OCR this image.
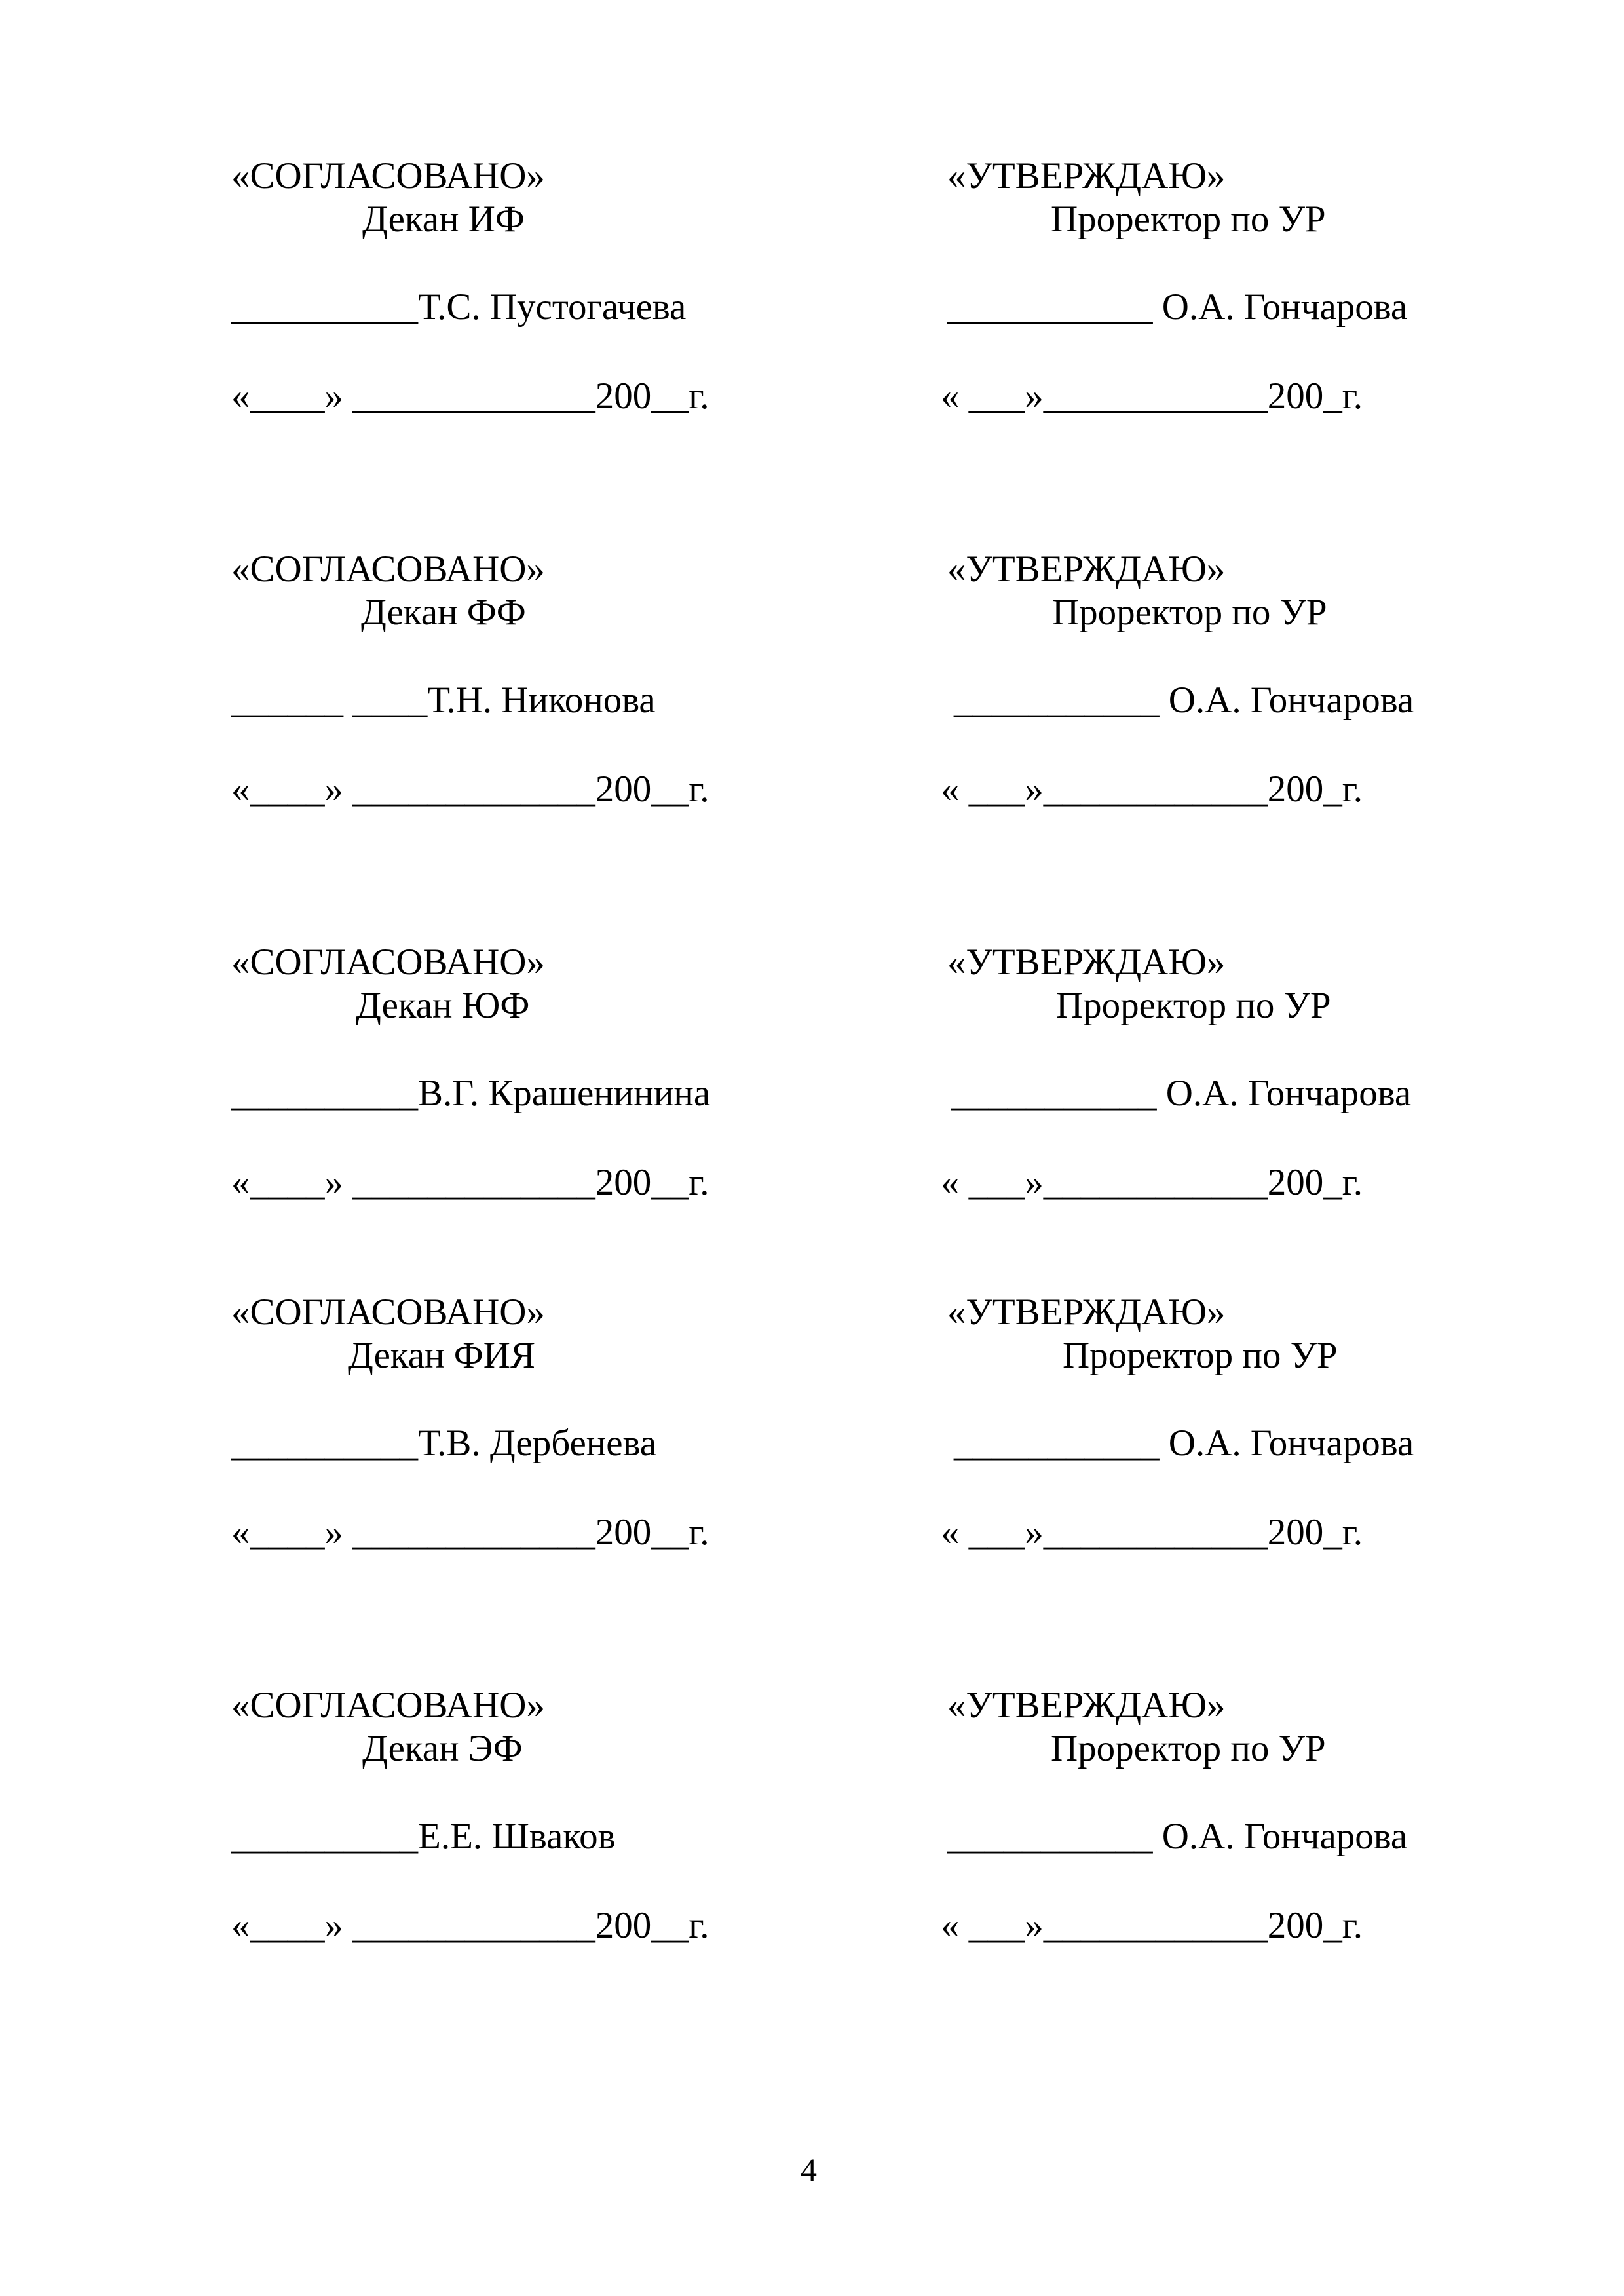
«СОГЛАСОВАНО»
Декан ИФ
__________Т.С. Пустогачева
«____» _____________200__г.
«УТВЕРЖДАЮ»
Проректор по УР
___________ О.А. Гончарова
« ___»____________200_г.
«СОГЛАСОВАНО»
Декан ФФ
______ ____Т.Н. Никонова
«____» _____________200__г.
«УТВЕРЖДАЮ»
Проректор по УР
___________ О.А. Гончарова
« ___»____________200_г.
«СОГЛАСОВАНО»
Декан ЮФ
__________В.Г. Крашенинина
«____» _____________200__г.
«УТВЕРЖДАЮ»
Проректор по УР
___________ О.А. Гончарова
« ___»____________200_г.
«СОГЛАСОВАНО»
Декан ФИЯ
__________Т.В. Дербенева
«____» _____________200__г.
«УТВЕРЖДАЮ»
Проректор по УР
___________ О.А. Гончарова
« ___»____________200_г.
«СОГЛАСОВАНО»
Декан ЭФ
__________Е.Е. Шваков
«____» _____________200__г.
«УТВЕРЖДАЮ»
Проректор по УР
___________ О.А. Гончарова
« ___»____________200_г.
4
